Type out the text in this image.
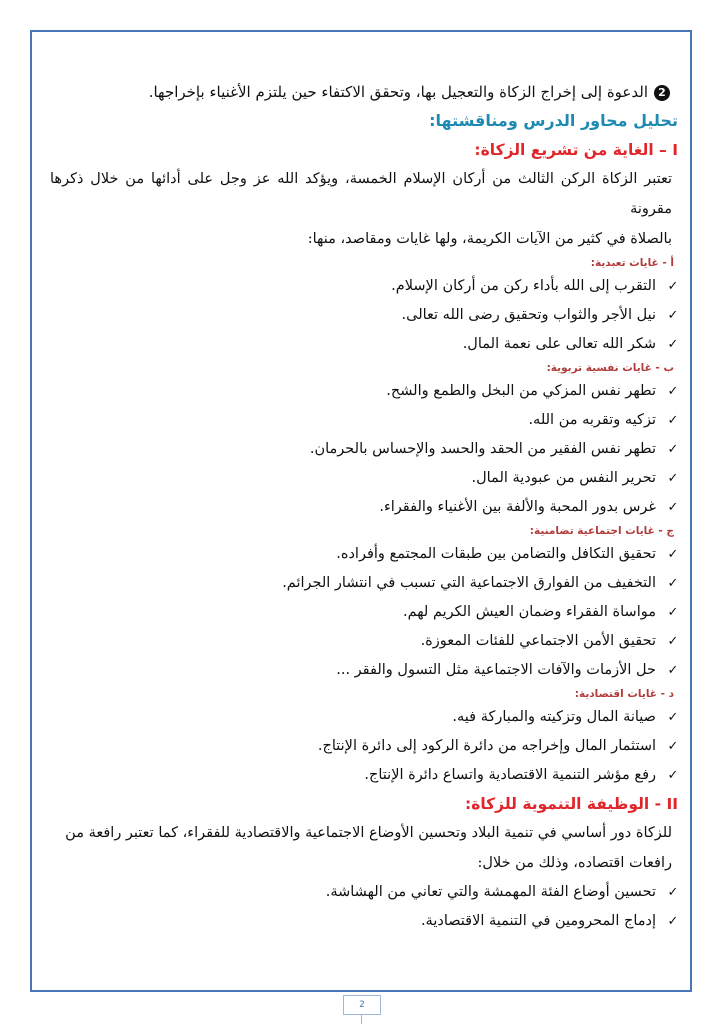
2الدعوة إلى إخراج الزكاة والتعجيل بها، وتحقق الاكتفاء حين يلتزم الأغنياء بإخراجها.
تحليل محاور الدرس ومناقشتها:
I – الغاية من تشريع الزكاة:
تعتبر الزكاة الركن الثالث من أركان الإسلام الخمسة، ويؤكد الله عز وجل على أدائها من خلال ذكرها مقرونة
بالصلاة في كثير من الآيات الكريمة، ولها غايات ومقاصد، منها:
أ - غايات تعبدية:
✓التقرب إلى الله بأداء ركن من أركان الإسلام.
✓نيل الأجر والثواب وتحقيق رضى الله تعالى.
✓شكر الله تعالى على نعمة المال.
ب - غايات نفسية تربوية:
✓تطهر نفس المزكي من البخل والطمع والشح.
✓تزكيه وتقربه من الله.
✓تطهر نفس الفقير من الحقد والحسد والإحساس بالحرمان.
✓تحرير النفس من عبودية المال.
✓غرس بدور المحبة والألفة بين الأغنياء والفقراء.
ج - غايات اجتماعية تضامنية:
✓تحقيق التكافل والتضامن بين طبقات المجتمع وأفراده.
✓التخفيف من الفوارق الاجتماعية التي تسبب في انتشار الجرائم.
✓مواساة الفقراء وضمان العيش الكريم لهم.
✓تحقيق الأمن الاجتماعي للفئات المعوزة.
✓حل الأزمات والآفات الاجتماعية مثل التسول والفقر ...
د - غايات اقتصادية:
✓صيانة المال وتزكيته والمباركة فيه.
✓استثمار المال وإخراجه من دائرة الركود إلى دائرة الإنتاج.
✓رفع مؤشر التنمية الاقتصادية واتساع دائرة الإنتاج.
II - الوظيفة التنموية للزكاة:
للزكاة دور أساسي في تنمية البلاد وتحسين الأوضاع الاجتماعية والاقتصادية للفقراء، كما تعتبر رافعة من
رافعات اقتصاده، وذلك من خلال:
✓تحسين أوضاع الفئة المهمشة والتي تعاني من الهشاشة.
✓إدماج المحرومين في التنمية الاقتصادية.
2
